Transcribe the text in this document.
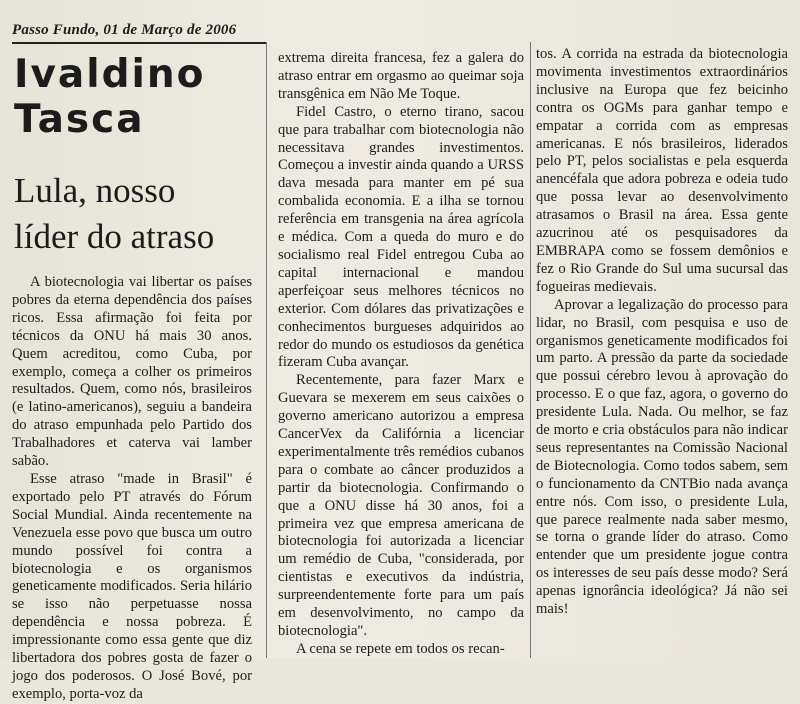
Passo Fundo, 01 de Março de 2006
Ivaldino
Tasca
Lula, nosso
líder do atraso

A biotecnologia vai libertar os países pobres da eterna dependência dos países ricos. Essa afirmação foi feita por técnicos da ONU há mais 30 anos. Quem acreditou, como Cuba, por exemplo, começa a colher os primeiros resultados. Quem, como nós, brasileiros (e latino-americanos), seguiu a bandeira do atraso empunhada pelo Partido dos Trabalhadores et caterva vai lamber sabão.

Esse atraso "made in Brasil" é exportado pelo PT através do Fórum Social Mundial. Ainda recentemente na Venezuela esse povo que busca um outro mundo possível foi contra a biotecnologia e os organismos geneticamente modificados. Seria hilário se isso não perpetuasse nossa dependência e nossa pobreza. É impressionante como essa gente que diz libertadora dos pobres gosta de fazer o jogo dos poderosos. O José Bové, por exemplo, porta-voz da

extrema direita francesa, fez a galera do atraso entrar em orgasmo ao queimar soja transgênica em Não Me Toque.

Fidel Castro, o eterno tirano, sacou que para trabalhar com biotecnologia não necessitava grandes investimentos. Começou a investir ainda quando a URSS dava mesada para manter em pé sua combalida economia. E a ilha se tornou referência em transgenia na área agrícola e médica. Com a queda do muro e do socialismo real Fidel entregou Cuba ao capital internacional e mandou aperfeiçoar seus melhores técnicos no exterior. Com dólares das privatizações e conhecimentos burgueses adquiridos ao redor do mundo os estudiosos da genética fizeram Cuba avançar.

Recentemente, para fazer Marx e Guevara se mexerem em seus caixões o governo americano autorizou a empresa CancerVex da Califórnia a licenciar experimentalmente três remédios cubanos para o combate ao câncer produzidos a partir da biotecnologia. Confirmando o que a ONU disse há 30 anos, foi a primeira vez que empresa americana de biotecnologia foi autorizada a licenciar um remédio de Cuba, "considerada, por cientistas e executivos da indústria, surpreendentemente forte para um país em desenvolvimento, no campo da biotecnologia".

A cena se repete em todos os recan-

tos. A corrida na estrada da biotecnologia movimenta investimentos extraordinários inclusive na Europa que fez beicinho contra os OGMs para ganhar tempo e empatar a corrida com as empresas americanas. E nós brasileiros, liderados pelo PT, pelos socialistas e pela esquerda anencéfala que adora pobreza e odeia tudo que possa levar ao desenvolvimento atrasamos o Brasil na área. Essa gente azucrinou até os pesquisadores da EMBRAPA como se fossem demônios e fez o Rio Grande do Sul uma sucursal das fogueiras medievais.

Aprovar a legalização do processo para lidar, no Brasil, com pesquisa e uso de organismos geneticamente modificados foi um parto. A pressão da parte da sociedade que possui cérebro levou à aprovação do processo. E o que faz, agora, o governo do presidente Lula. Nada. Ou melhor, se faz de morto e cria obstáculos para não indicar seus representantes na Comissão Nacional de Biotecnologia. Como todos sabem, sem o funcionamento da CNTBio nada avança entre nós. Com isso, o presidente Lula, que parece realmente nada saber mesmo, se torna o grande líder do atraso. Como entender que um presidente jogue contra os interesses de seu país desse modo? Será apenas ignorância ideológica? Já não sei mais!
